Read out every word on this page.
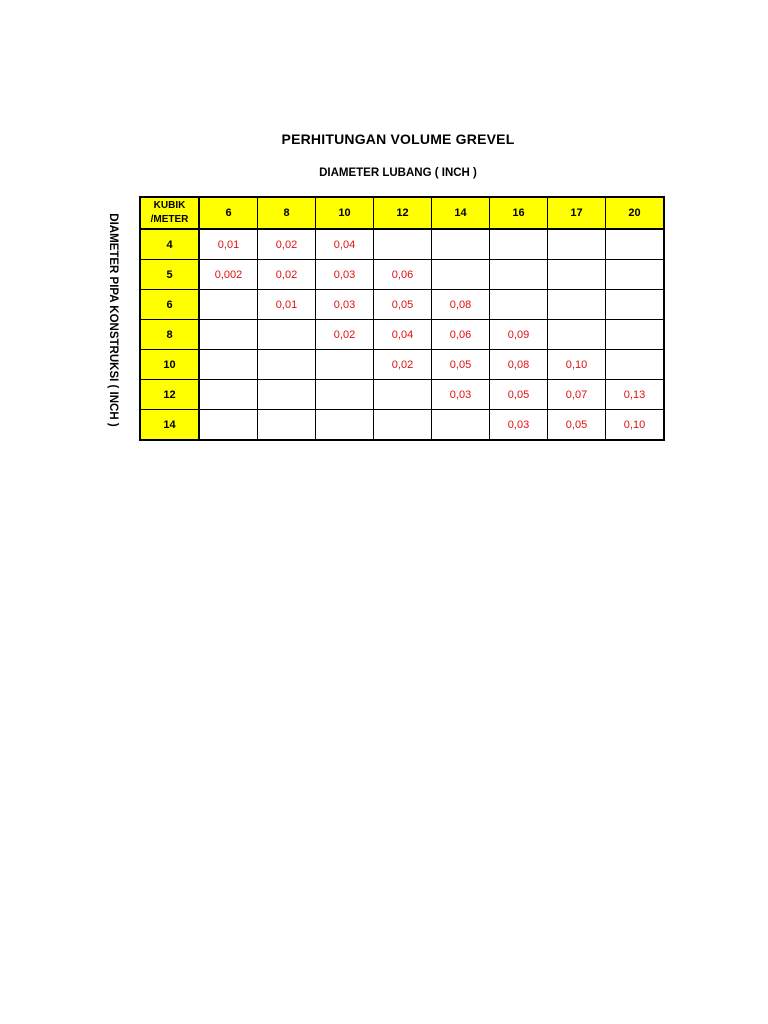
PERHITUNGAN VOLUME GREVEL
DIAMETER LUBANG ( INCH )
DIAMETER PIPA KONSTRUKSI ( INCH )
KUBIK
/METER	6	8	10	12	14	16	17	20
4	0,01	0,02	0,04					
5	0,002	0,02	0,03	0,06				
6		0,01	0,03	0,05	0,08			
8			0,02	0,04	0,06	0,09		
10				0,02	0,05	0,08	0,10	
12					0,03	0,05	0,07	0,13
14						0,03	0,05	0,10
